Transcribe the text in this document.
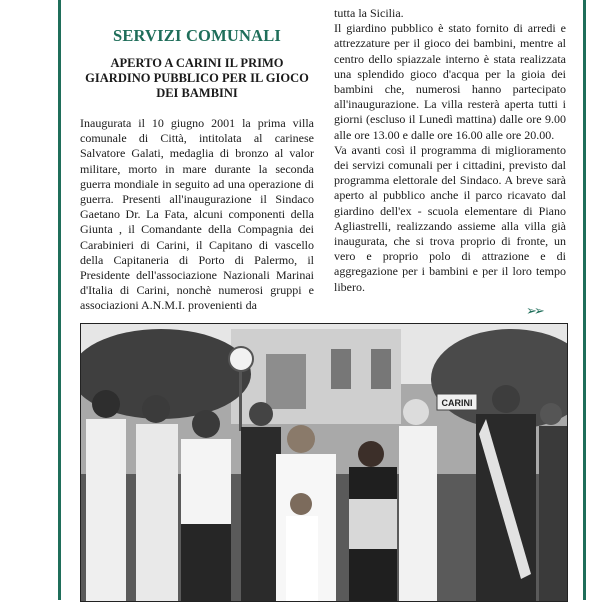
SERVIZI COMUNALI
APERTO A CARINI IL PRIMO GIARDINO PUBBLICO PER IL GIOCO DEI BAMBINI

Inaugurata il 10 giugno 2001 la prima villa comunale di Città, intitolata al carinese Salvatore Galati, medaglia di bronzo al valor militare, morto in mare durante la seconda guerra mondiale in seguito ad una operazione di guerra. Presenti all'inaugurazione il Sindaco Gaetano Dr. La Fata, alcuni componenti della Giunta , il Comandante della Compagnia dei Carabinieri di Carini, il Capitano di vascello della Capitaneria di Porto di Palermo, il Presidente dell'associazione Nazionali Marinai d'Italia di Carini, nonchè numerosi gruppi e associazioni A.N.M.I. provenienti da

tutta la Sicilia.

Il giardino pubblico è stato fornito di arredi e attrezzature per il gioco dei bambini, mentre al centro dello spiazzale interno è stata realizzata una splendido gioco d'acqua per la gioia dei bambini che, numerosi hanno partecipato all'inaugurazione. La villa resterà aperta tutti i giorni (escluso il Lunedì mattina) dalle ore 9.00 alle ore 13.00 e dalle ore 16.00 alle ore 20.00.

Va avanti così il programma di miglioramento dei servizi comunali per i cittadini, previsto dal programma elettorale del Sindaco. A breve sarà aperto al pubblico anche il parco ricavato dal giardino dell'ex - scuola elementare di Piano Agliastrelli, realizzando assieme alla villa già inaugurata, che si trova proprio di fronte, un vero e proprio polo di attrazione e di aggregazione per i bambini e per il loro tempo libero.

➢➢
CARINI
